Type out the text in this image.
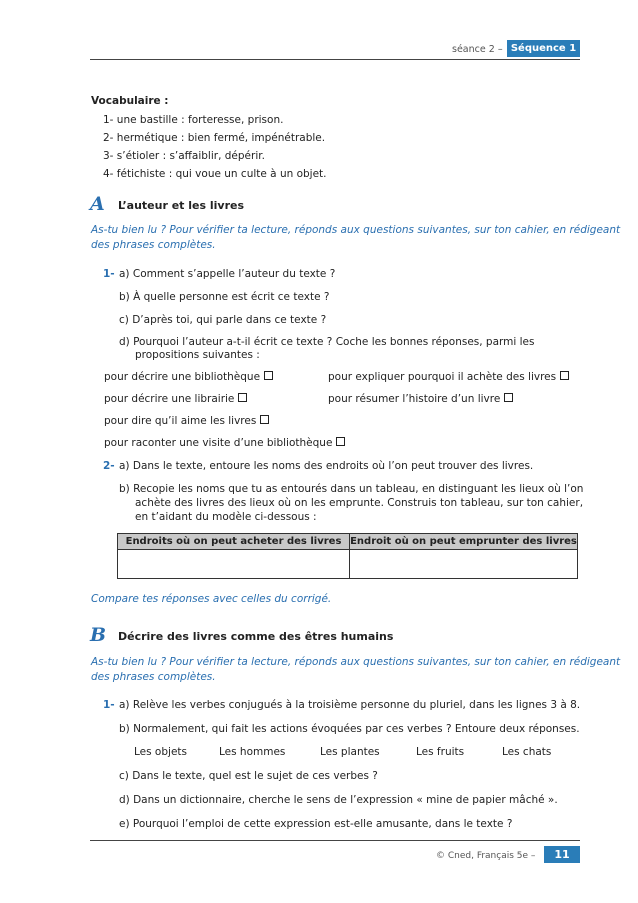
séance 2 – Séquence 1
Vocabulaire :
1- une bastille : forteresse, prison.
2- hermétique : bien fermé, impénétrable.
3- s’étioler : s’affaiblir, dépérir.
4- fétichiste : qui voue un culte à un objet.
A L’auteur et les livres
As-tu bien lu ? Pour vérifier ta lecture, réponds aux questions suivantes, sur ton cahier, en rédigeant
des phrases complètes.
1- a) Comment s’appelle l’auteur du texte ?
b) À quelle personne est écrit ce texte ?
c) D’après toi, qui parle dans ce texte ?
d) Pourquoi l’auteur a-t-il écrit ce texte ? Coche les bonnes réponses, parmi les
propositions suivantes :
pour décrire une bibliothèque	pour expliquer pourquoi il achète des livres
pour décrire une librairie	pour résumer l’histoire d’un livre
pour dire qu’il aime les livres
pour raconter une visite d’une bibliothèque
2- a) Dans le texte, entoure les noms des endroits où l’on peut trouver des livres.
b) Recopie les noms que tu as entourés dans un tableau, en distinguant les lieux où l’on
achète des livres des lieux où on les emprunte. Construis ton tableau, sur ton cahier,
en t’aidant du modèle ci-dessous :
Endroits où on peut acheter des livres	Endroit où on peut emprunter des livres

Compare tes réponses avec celles du corrigé.
B Décrire des livres comme des êtres humains
As-tu bien lu ? Pour vérifier ta lecture, réponds aux questions suivantes, sur ton cahier, en rédigeant
des phrases complètes.
1- a) Relève les verbes conjugués à la troisième personne du pluriel, dans les lignes 3 à 8.
b) Normalement, qui fait les actions évoquées par ces verbes ? Entoure deux réponses.
Les objets	Les hommes	Les plantes	Les fruits	Les chats
c) Dans le texte, quel est le sujet de ces verbes ?
d) Dans un dictionnaire, cherche le sens de l’expression « mine de papier mâché ».
e) Pourquoi l’emploi de cette expression est-elle amusante, dans le texte ?
© Cned, Français 5e –	11
